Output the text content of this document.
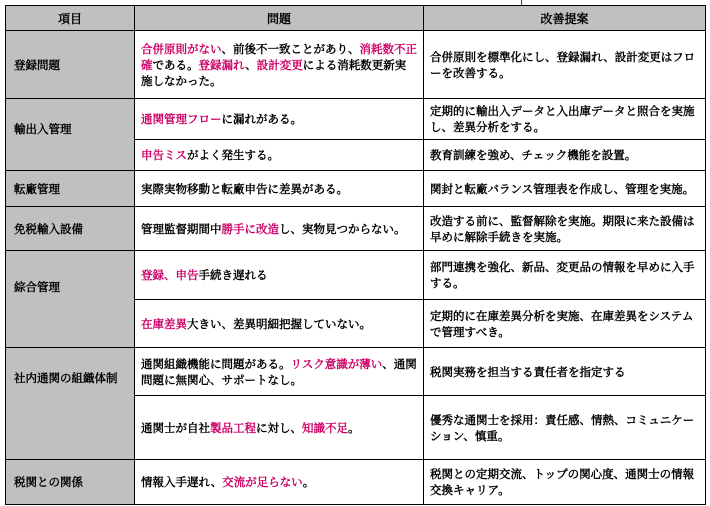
項目	問題	改善提案
登録問題	合併原則がない、前後不一致ことがあり、消耗数不正確である。登録漏れ、設計変更による消耗数更新実施しなかった。	合併原則を標準化にし、登録漏れ、設計変更はフローを改善する。
輸出入管理	通関管理フローに漏れがある。	定期的に輸出入データと入出庫データと照合を実施し、差異分析をする。
	申告ミスがよく発生する。	教育訓練を強め、チェック機能を設置。
転廠管理	実際実物移動と転廠申告に差異がある。	関封と転廠バランス管理表を作成し、管理を実施。
免税輸入設備	管理監督期間中勝手に改造し、実物見つからない。	改造する前に、監督解除を実施。期限に来た設備は早めに解除手続きを実施。
綜合管理	登録、申告手続き遅れる	部門連携を強化、新品、変更品の情報を早めに入手する。
	在庫差異大きい、差異明細把握していない。	定期的に在庫差異分析を実施、在庫差異をシステムで管理すべき。
社内通関の組織体制	通関組織機能に問題がある。リスク意識が薄い、通関問題に無関心、サポートなし。	税関実務を担当する責任者を指定する
	通関士が自社製品工程に対し、知識不足。	優秀な通関士を採用：責任感、情熱、コミュニケーション、慎重。
税関との関係	情報入手遅れ、交流が足らない。	税関との定期交流、トップの関心度、通関士の情報交換キャリア。
